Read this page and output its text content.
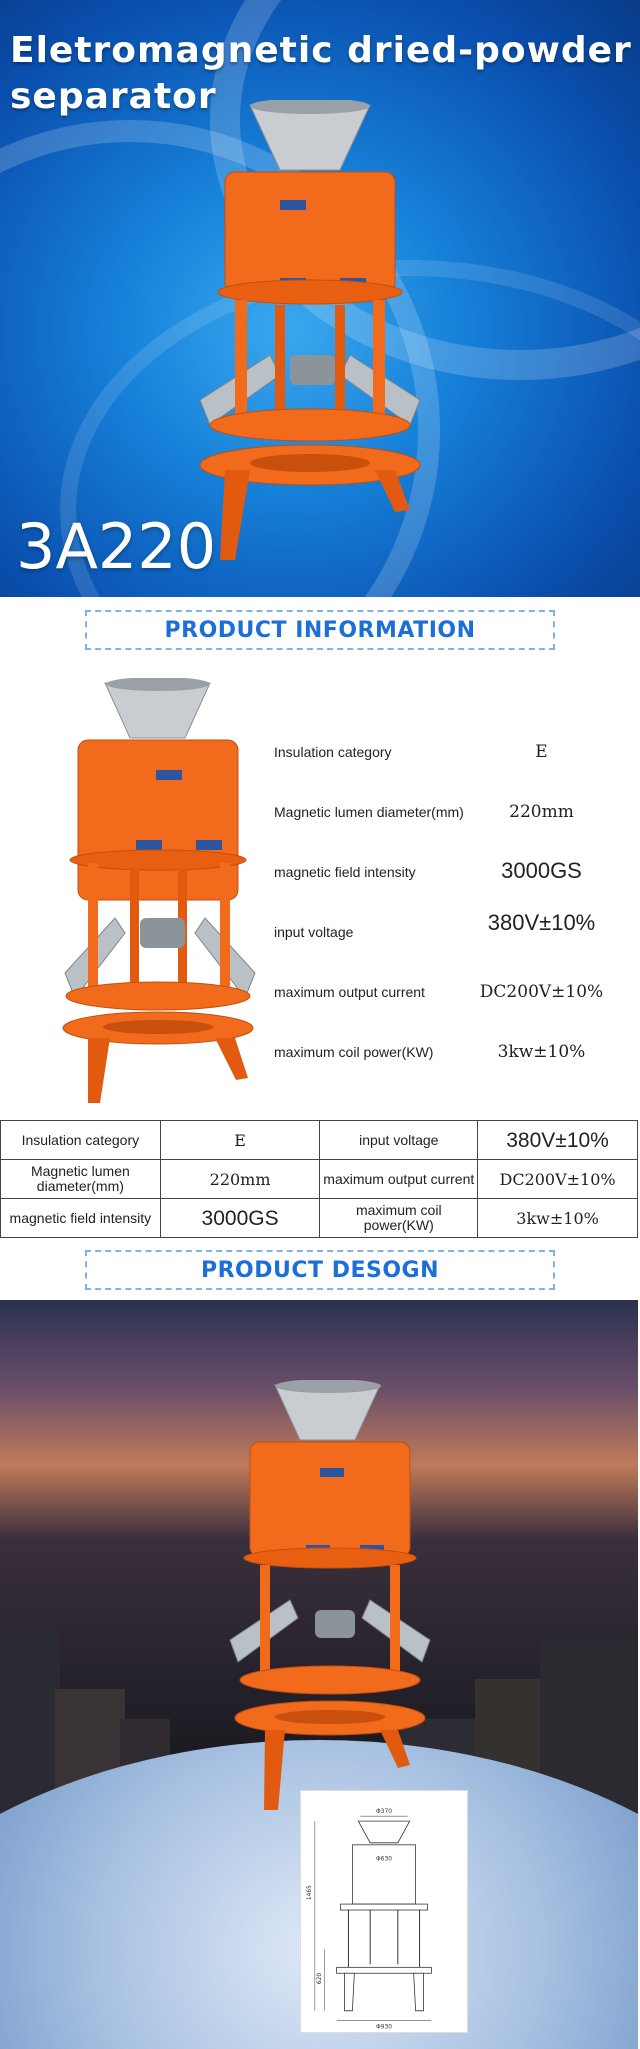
Eletromagnetic dried-powder
separator
3A220
PRODUCT INFORMATION
Insulation category	E
Magnetic lumen diameter(mm)	220mm
magnetic field intensity	3000GS
input voltage	380V±10%
maximum output current	DC200V±10%
maximum coil power(KW)	3kw±10%
Insulation category	E	input voltage	380V±10%
Magnetic lumen diameter(mm)	220mm	maximum output current	DC200V±10%
magnetic field intensity	3000GS	maximum coil power(KW)	3kw±10%
PRODUCT DESOGN
Φ370
Φ630
1465
620
Φ930
